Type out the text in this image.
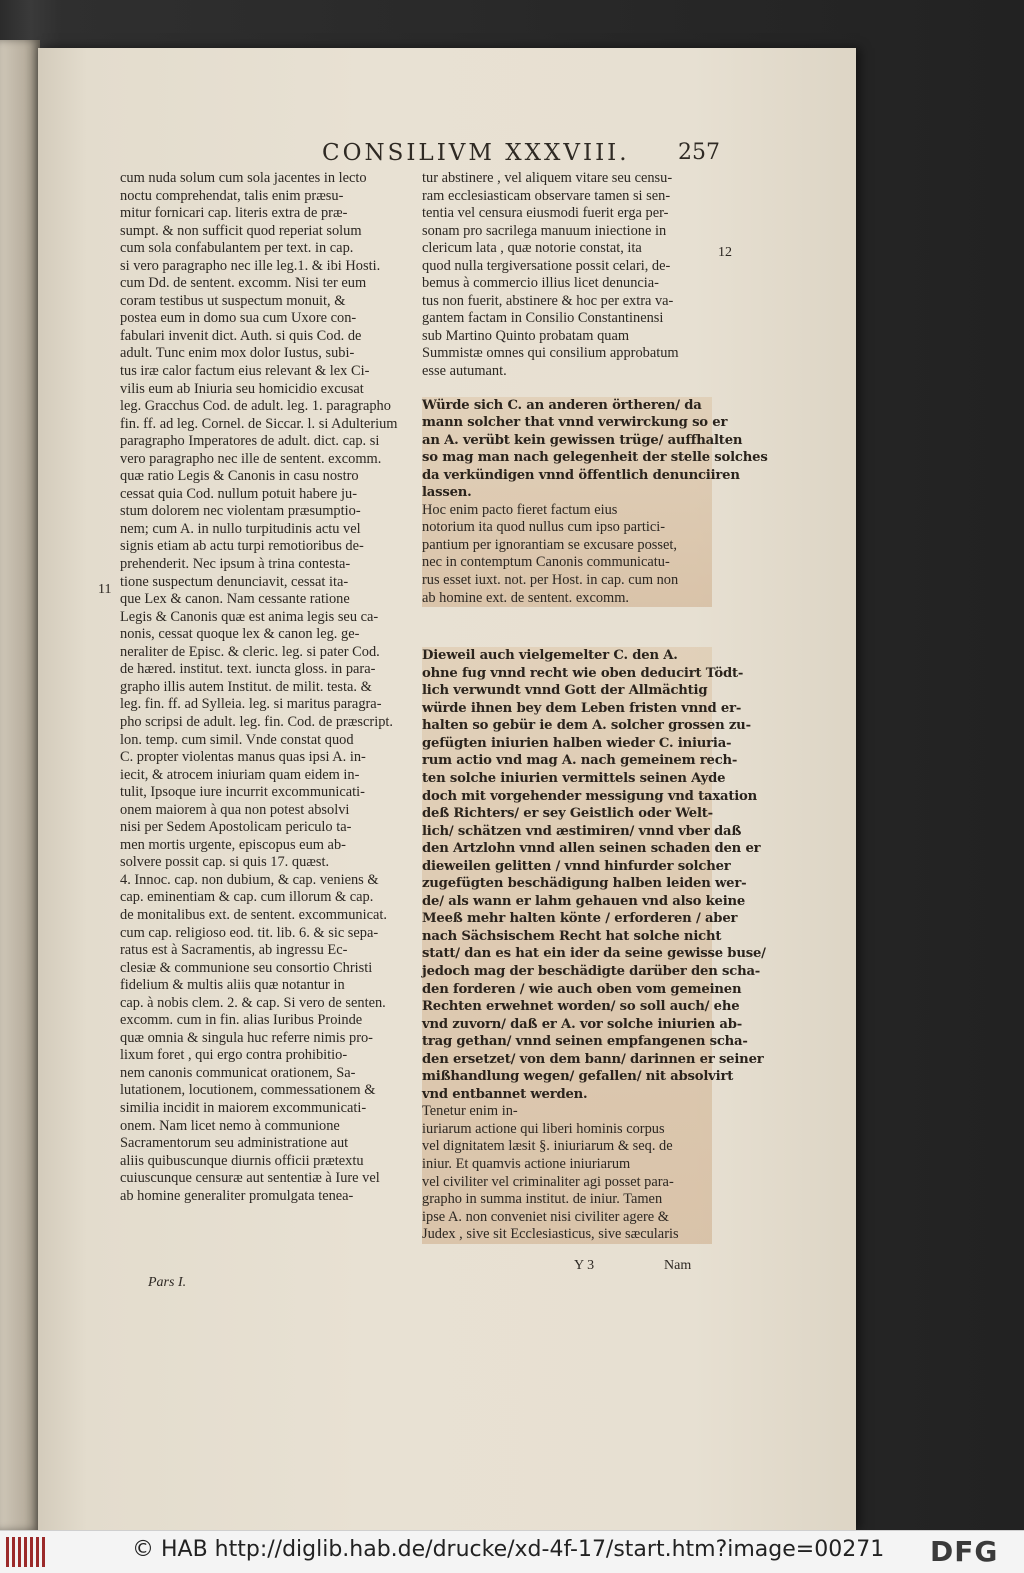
CONSILIVM XXXVIII.	257
cum nuda solum cum sola jacentes in lecto
noctu comprehendat, talis enim præsu-
mitur fornicari cap. literis extra de præ-
sumpt. & non sufficit quod reperiat solum
cum sola confabulantem per text. in cap.
si vero paragrapho nec ille leg.1. & ibi Hosti.
cum Dd. de sentent. excomm. Nisi ter eum
coram testibus ut suspectum monuit, &
postea eum in domo sua cum Uxore con-
fabulari invenit dict. Auth. si quis Cod. de
adult. Tunc enim mox dolor Iustus, subi-
tus iræ calor factum eius relevant & lex Ci-
vilis eum ab Iniuria seu homicidio excusat
leg. Gracchus Cod. de adult. leg. 1. paragrapho
fin. ff. ad leg. Cornel. de Siccar. l. si Adulterium
paragrapho Imperatores de adult. dict. cap. si
vero paragrapho nec ille de sentent. excomm.
quæ ratio Legis & Canonis in casu nostro
cessat quia Cod. nullum potuit habere ju-
stum dolorem nec violentam præsumptio-
nem; cum A. in nullo turpitudinis actu vel
signis etiam ab actu turpi remotioribus de-
prehenderit. Nec ipsum à trina contesta-
tione suspectum denunciavit, cessat ita-
que Lex & canon. Nam cessante ratione
Legis & Canonis quæ est anima legis seu ca-
nonis, cessat quoque lex & canon leg. ge-
neraliter de Episc. & cleric. leg. si pater Cod.
de hæred. institut. text. iuncta gloss. in para-
grapho illis autem Institut. de milit. testa. &
leg. fin. ff. ad Sylleia. leg. si maritus paragra-
pho scripsi de adult. leg. fin. Cod. de præscript.
lon. temp. cum simil. Vnde constat quod
C. propter violentas manus quas ipsi A. in-
iecit, & atrocem iniuriam quam eidem in-
tulit, Ipsoque iure incurrit excommunicati-
onem maiorem à qua non potest absolvi
nisi per Sedem Apostolicam periculo ta-
men mortis urgente, episcopus eum ab-
solvere possit cap. si quis 17. quæst.
4. Innoc. cap. non dubium, & cap. veniens &
cap. eminentiam & cap. cum illorum & cap.
de monitalibus ext. de sentent. excommunicat.
cum cap. religioso eod. tit. lib. 6. & sic sepa-
ratus est à Sacramentis, ab ingressu Ec-
clesiæ & communione seu consortio Christi
fidelium & multis aliis quæ notantur in
cap. à nobis clem. 2. & cap. Si vero de senten.
excomm. cum in fin. alias Iuribus Proinde
quæ omnia & singula huc referre nimis pro-
lixum foret , qui ergo contra prohibitio-
nem canonis communicat orationem, Sa-
lutationem, locutionem, commessationem &
similia incidit in maiorem excommunicati-
onem. Nam licet nemo à communione
Sacramentorum seu administratione aut
aliis quibuscunque diurnis officii prætextu
cuiuscunque censuræ aut sententiæ à Iure vel
ab homine generaliter promulgata tenea-
tur abstinere , vel aliquem vitare seu censu-
ram ecclesiasticam observare tamen si sen-
tentia vel censura eiusmodi fuerit erga per-
sonam pro sacrilega manuum iniectione in
clericum lata , quæ notorie constat, ita
quod nulla tergiversatione possit celari, de-
bemus à commercio illius licet denuncia-
tus non fuerit, abstinere & hoc per extra va-
gantem factam in Consilio Constantinensi
sub Martino Quinto probatam quam
Summistæ omnes qui consilium approbatum
esse autumant.
Würde sich C. an anderen örtheren/ da
mann solcher that vnnd verwirckung so er
an A. verübt kein gewissen trüge/ auffhalten
so mag man nach gelegenheit der stelle solches
da verkündigen vnnd öffentlich denunciiren
lassen.
Hoc enim pacto fieret factum eius
notorium ita quod nullus cum ipso partici-
pantium per ignorantiam se excusare posset,
nec in contemptum Canonis communicatu-
rus esset iuxt. not. per Host. in cap. cum non
ab homine ext. de sentent. excomm.
Dieweil auch vielgemelter C. den A.
ohne fug vnnd recht wie oben deducirt Tödt-
lich verwundt vnnd Gott der Allmächtig
würde ihnen bey dem Leben fristen vnnd er-
halten so gebür ie dem A. solcher grossen zu-
gefügten iniurien halben wieder C. iniuria-
rum actio vnd mag A. nach gemeinem rech-
ten solche iniurien vermittels seinen Ayde
doch mit vorgehender messigung vnd taxation
deß Richters/ er sey Geistlich oder Welt-
lich/ schätzen vnd æstimiren/ vnnd vber daß
den Artzlohn vnnd allen seinen schaden den er
dieweilen gelitten / vnnd hinfurder solcher
zugefügten beschädigung halben leiden wer-
de/ als wann er lahm gehauen vnd also keine
Meeß mehr halten könte / erforderen / aber
nach Sächsischem Recht hat solche nicht
statt/ dan es hat ein ider da seine gewisse buse/
jedoch mag der beschädigte darüber den scha-
den forderen / wie auch oben vom gemeinen
Rechten erwehnet worden/ so soll auch/ ehe
vnd zuvorn/ daß er A. vor solche iniurien ab-
trag gethan/ vnnd seinen empfangenen scha-
den ersetzet/ von dem bann/ darinnen er seiner
mißhandlung wegen/ gefallen/ nit absolvirt
vnd entbannet werden.
Tenetur enim in-
iuriarum actione qui liberi hominis corpus
vel dignitatem læsit §. iniuriarum & seq. de
iniur. Et quamvis actione iniuriarum
vel civiliter vel criminaliter agi posset para-
grapho in summa institut. de iniur. Tamen
ipse A. non conveniet nisi civiliter agere &
Judex , sive sit Ecclesiasticus, sive sæcularis
11
12
Y 3	Nam
Pars I.
© HAB http://diglib.hab.de/drucke/xd-4f-17/start.htm?image=00271 DFG
